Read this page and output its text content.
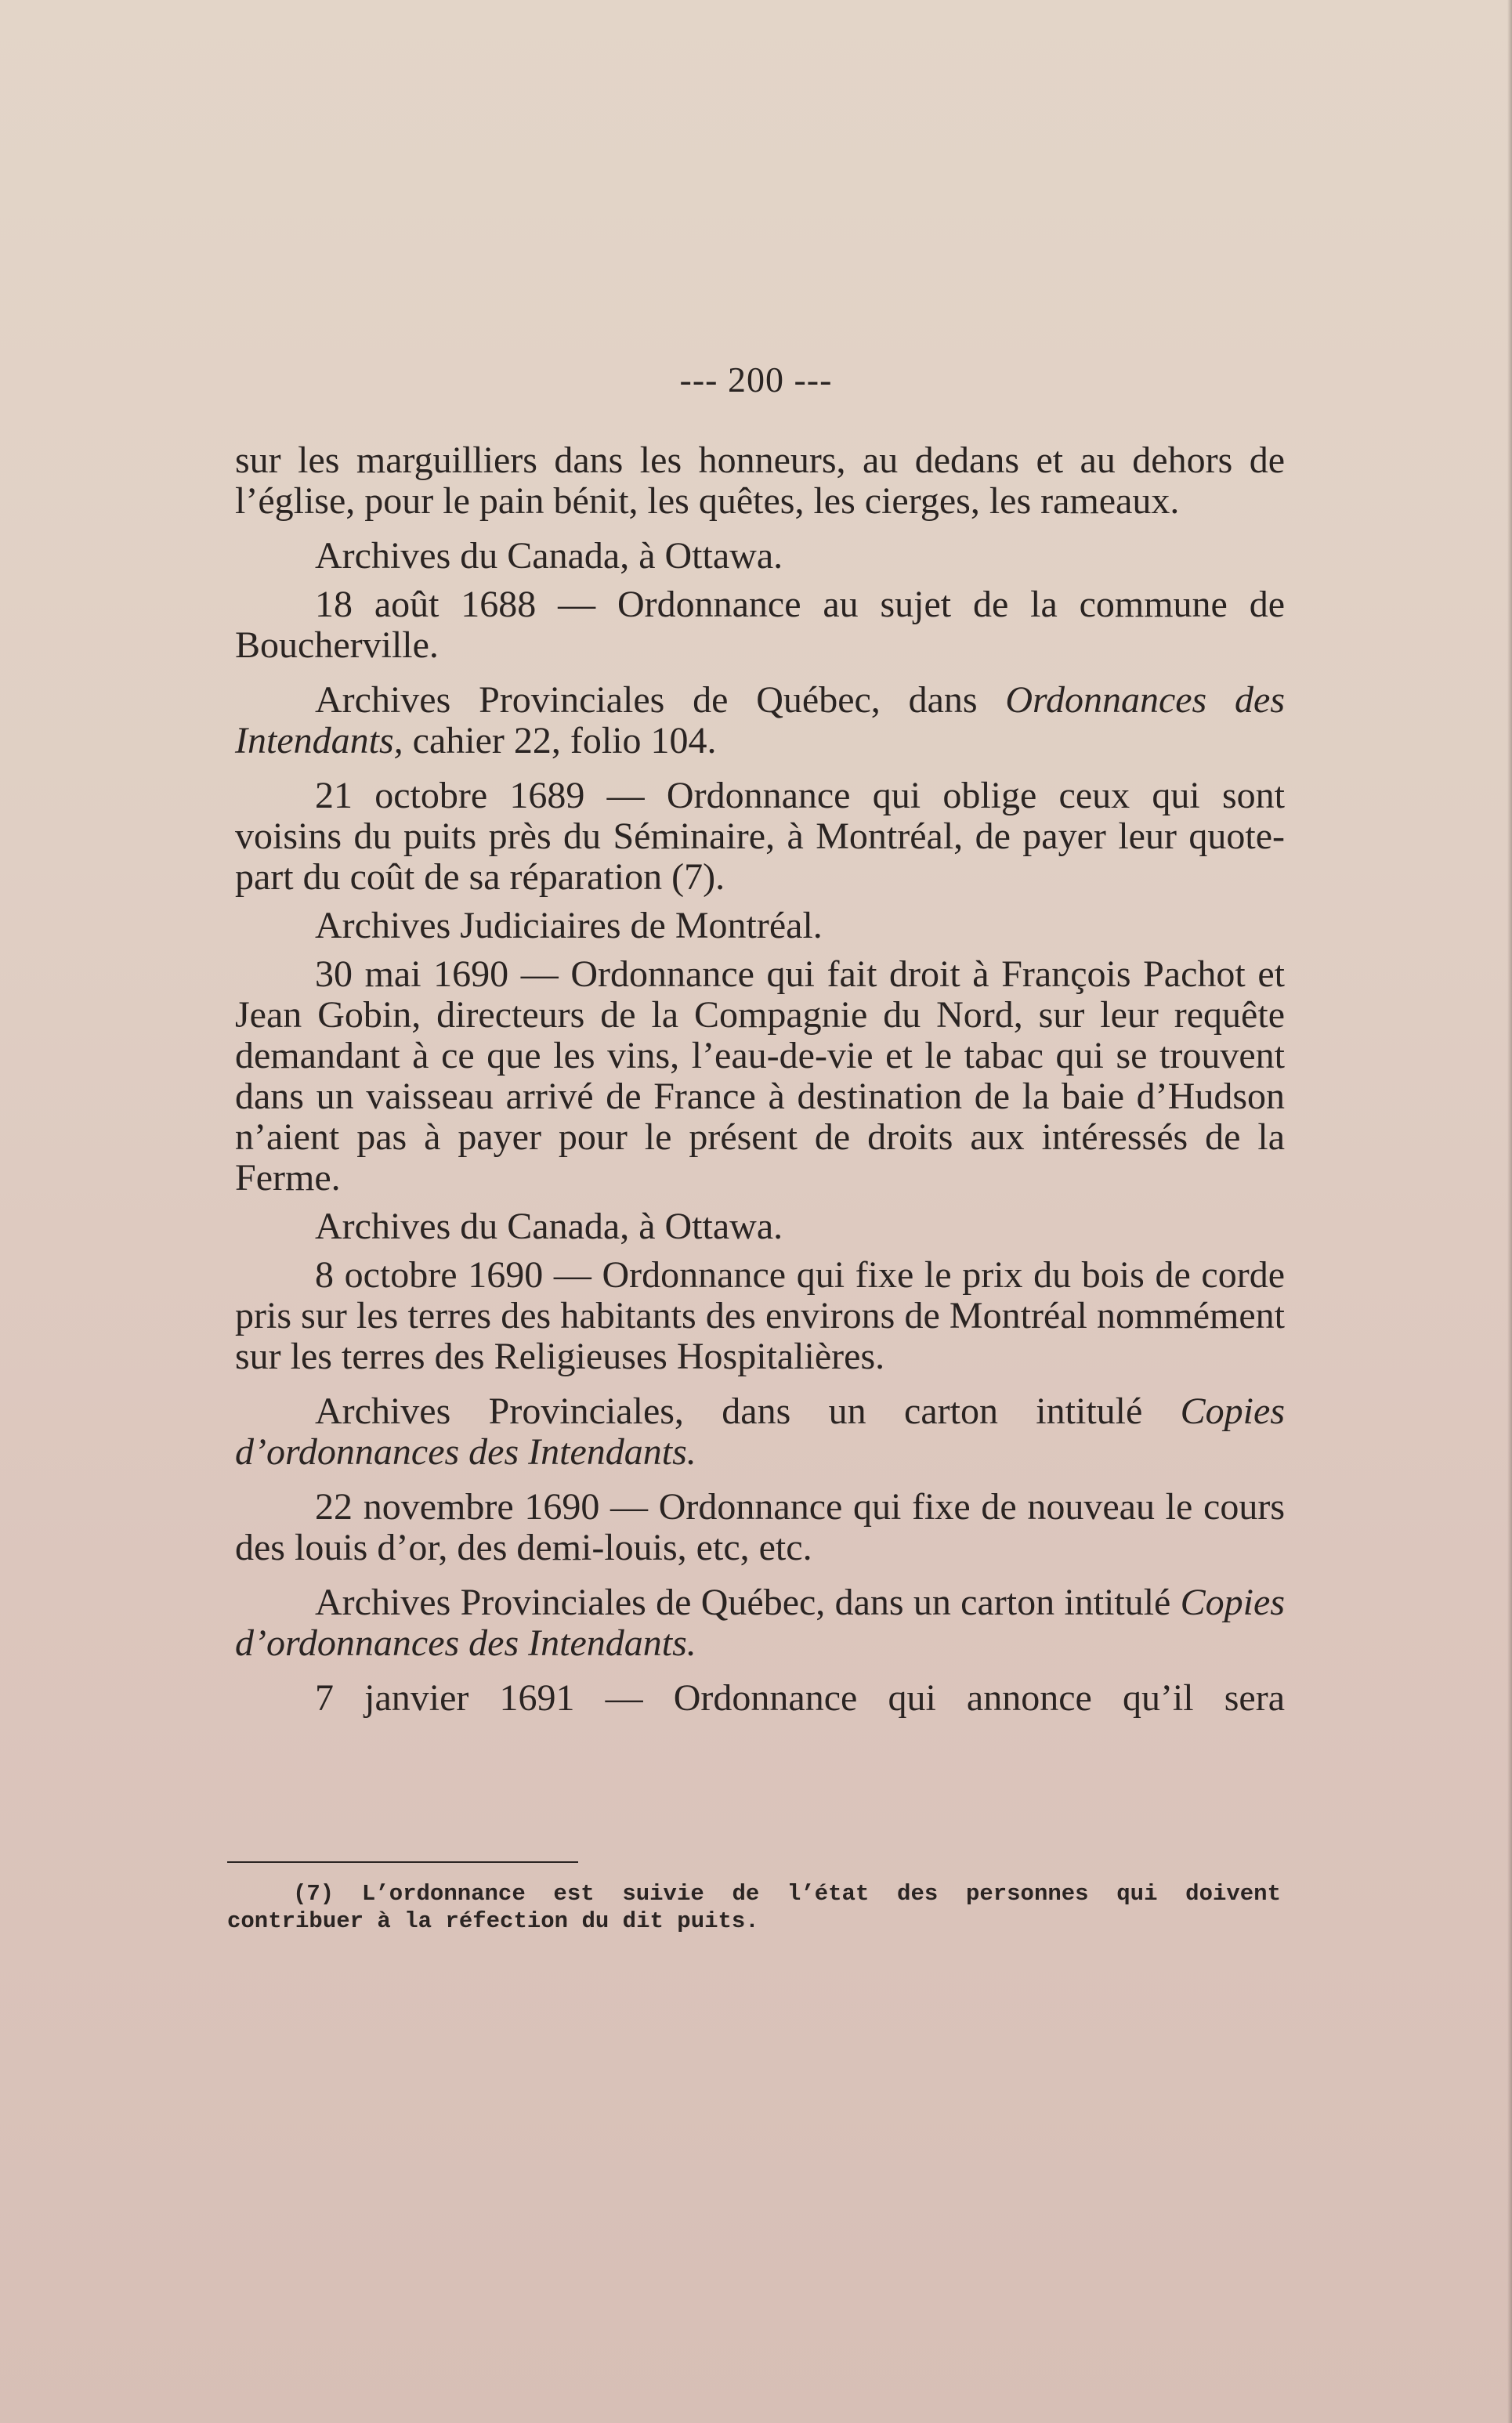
--- 200 ---

sur les marguilliers dans les honneurs, au dedans et au dehors de l’église, pour le pain bénit, les quêtes, les cierges, les rameaux.

Archives du Canada, à Ottawa.

18 août 1688 — Ordonnance au sujet de la commune de Boucherville.

Archives Provinciales de Québec, dans Ordonnances des Intendants, cahier 22, folio 104.

21 octobre 1689 — Ordonnance qui oblige ceux qui sont voisins du puits près du Séminaire, à Montréal, de payer leur quote-part du coût de sa réparation (7).

Archives Judiciaires de Montréal.

30 mai 1690 — Ordonnance qui fait droit à François Pachot et Jean Gobin, directeurs de la Compagnie du Nord, sur leur requête demandant à ce que les vins, l’eau-de-vie et le tabac qui se trouvent dans un vaisseau arrivé de France à destination de la baie d’Hudson n’aient pas à payer pour le présent de droits aux intéressés de la Ferme.

Archives du Canada, à Ottawa.

8 octobre 1690 — Ordonnance qui fixe le prix du bois de corde pris sur les terres des habitants des environs de Montréal nommément sur les terres des Religieuses Hospitalières.

Archives Provinciales, dans un carton intitulé Copies d’ordonnances des Intendants.

22 novembre 1690 — Ordonnance qui fixe de nouveau le cours des louis d’or, des demi-louis, etc, etc.

Archives Provinciales de Québec, dans un carton intitulé Copies d’ordonnances des Intendants.

7 janvier 1691 — Ordonnance qui annonce qu’il sera

(7) L’ordonnance est suivie de l’état des personnes qui doivent contribuer à la réfection du dit puits.
